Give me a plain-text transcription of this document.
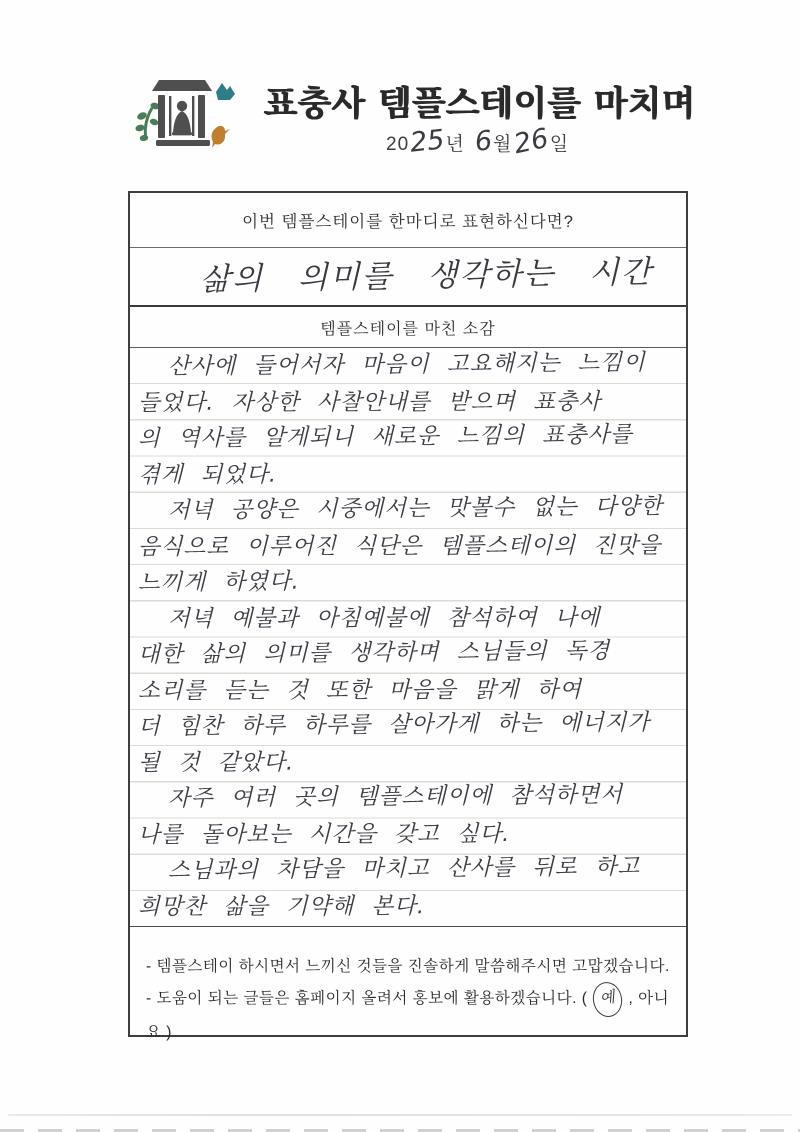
표충사 템플스테이를 마치며
20 25 년 6 월 26
일
이번 템플스테이를 한마디로 표현하신다면?
삶의 의미를 생각하는 시간
템플스테이를 마친 소감
산사에 들어서자 마음이 고요해지는 느낌이
들었다. 자상한 사찰안내를 받으며 표충사
의 역사를 알게되니 새로운 느낌의 표충사를
겪게 되었다.
저녁 공양은 시중에서는 맛볼수 없는 다양한
음식으로 이루어진 식단은 템플스테이의 진맛을
느끼게 하였다.
저녁 예불과 아침예불에 참석하여 나에
대한 삶의 의미를 생각하며 스님들의 독경
소리를 듣는 것 또한 마음을 맑게 하여
더 힘찬 하루 하루를 살아가게 하는 에너지가
될 것 같았다.
자주 여러 곳의 템플스테이에 참석하면서
나를 돌아보는 시간을 갖고 싶다.
스님과의 차담을 마치고 산사를 뒤로 하고
희망찬 삶을 기약해 본다.
- 템플스테이 하시면서 느끼신 것들을 진솔하게 말씀해주시면 고맙겠습니다.
- 도움이 되는 글들은 홈페이지 올려서 홍보에 활용하겠습니다. ( 예 , 아니요 )
